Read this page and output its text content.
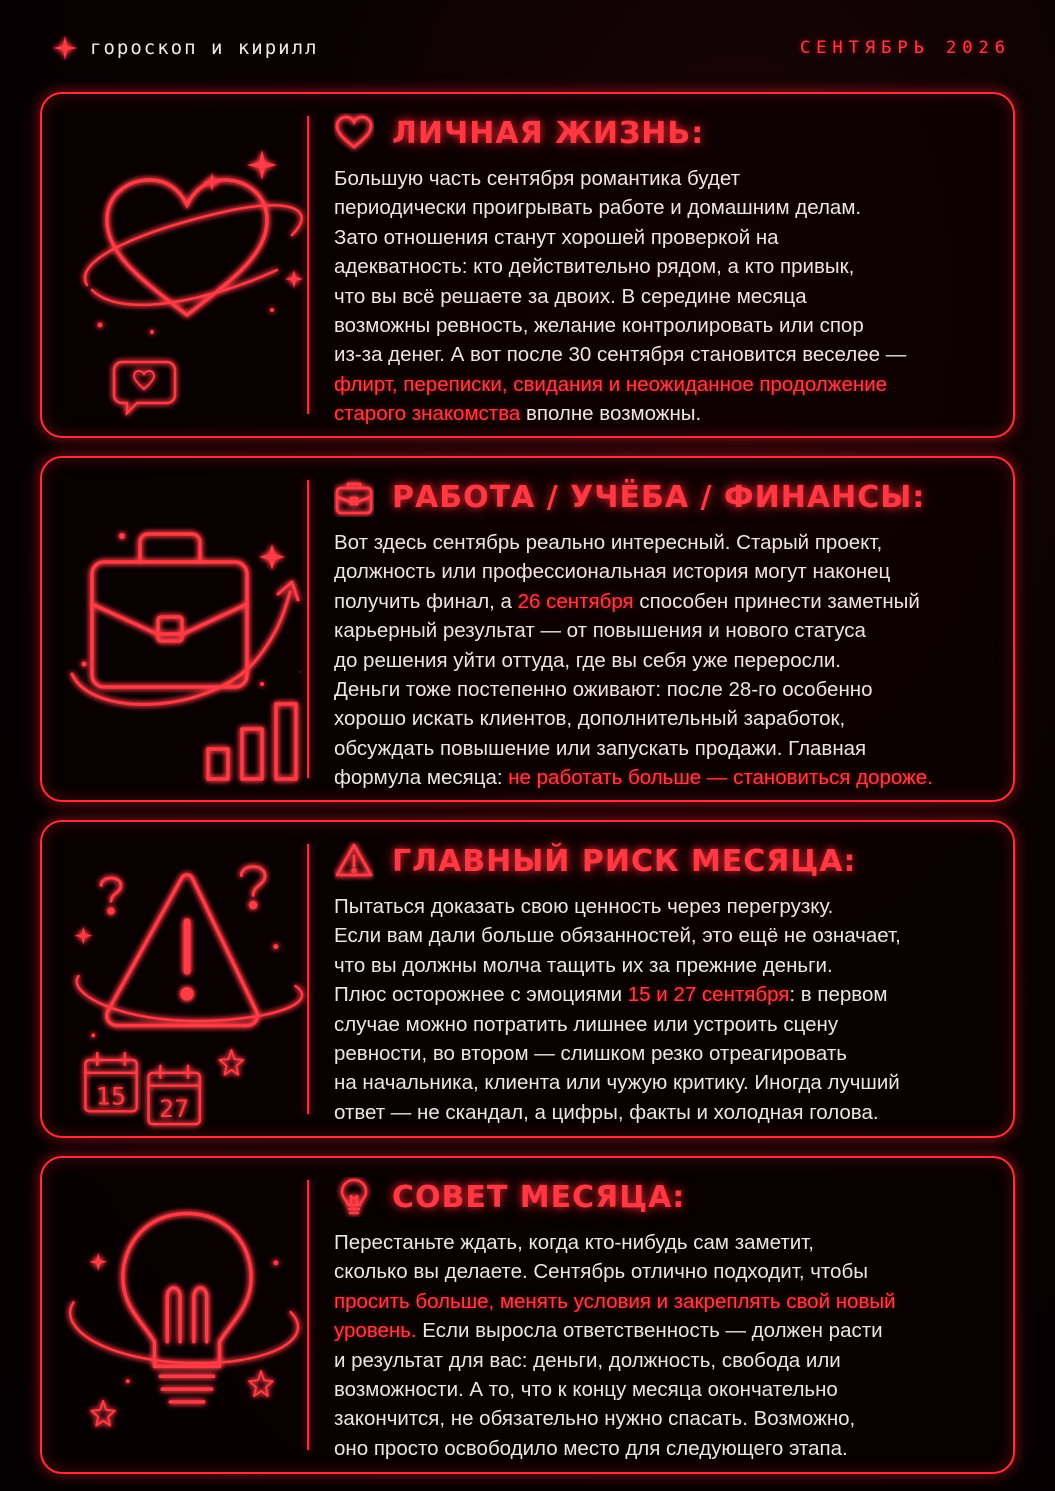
гороскоп и кирилл	СЕНТЯБРЬ 2026
ЛИЧНАЯ ЖИЗНЬ:

Большую часть сентября романтика будет
периодически проигрывать работе и домашним делам.
Зато отношения станут хорошей проверкой на
адекватность: кто действительно рядом, а кто привык,
что вы всё решаете за двоих. В середине месяца
возможны ревность, желание контролировать или спор
из-за денег. А вот после 30 сентября становится веселее —
флирт, переписки, свидания и неожиданное продолжение
старого знакомства вполне возможны.

РАБОТА / УЧЁБА / ФИНАНСЫ:

Вот здесь сентябрь реально интересный. Старый проект,
должность или профессиональная история могут наконец
получить финал, а 26 сентября способен принести заметный
карьерный результат — от повышения и нового статуса
до решения уйти оттуда, где вы себя уже переросли.
Деньги тоже постепенно оживают: после 28-го особенно
хорошо искать клиентов, дополнительный заработок,
обсуждать повышение или запускать продажи. Главная
формула месяца: не работать больше — становиться дороже.

15 27
ГЛАВНЫЙ РИСК МЕСЯЦА:

Пытаться доказать свою ценность через перегрузку.
Если вам дали больше обязанностей, это ещё не означает,
что вы должны молча тащить их за прежние деньги.
Плюс осторожнее с эмоциями 15 и 27 сентября: в первом
случае можно потратить лишнее или устроить сцену
ревности, во втором — слишком резко отреагировать
на начальника, клиента или чужую критику. Иногда лучший
ответ — не скандал, а цифры, факты и холодная голова.

СОВЕТ МЕСЯЦА:

Перестаньте ждать, когда кто-нибудь сам заметит,
сколько вы делаете. Сентябрь отлично подходит, чтобы
просить больше, менять условия и закреплять свой новый
уровень. Если выросла ответственность — должен расти
и результат для вас: деньги, должность, свобода или
возможности. А то, что к концу месяца окончательно
закончится, не обязательно нужно спасать. Возможно,
оно просто освободило место для следующего этапа.
